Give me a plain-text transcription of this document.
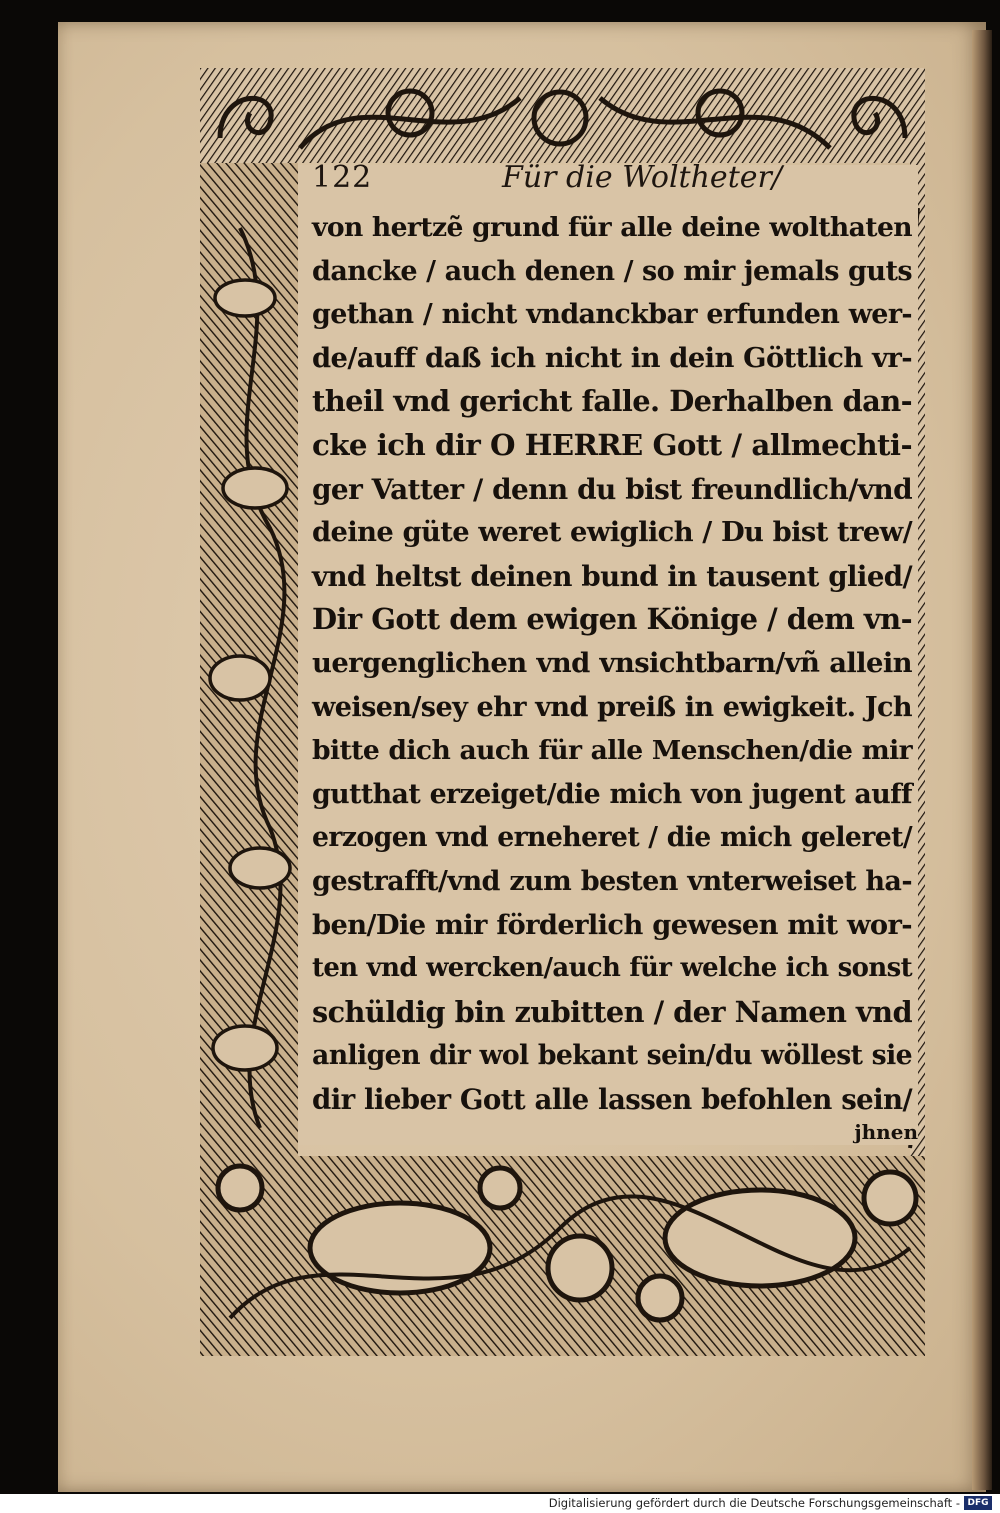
122	Für die Woltheter/
von hertzẽ grund für alle deine wolthaten
dancke / auch denen / so mir jemals guts
gethan / nicht vndanckbar erfunden wer-
de/auff daß ich nicht in dein Göttlich vr-
theil vnd gericht falle. Derhalben dan-
cke ich dir O HERRE Gott / allmechti-
ger Vatter / denn du bist freundlich/vnd
deine güte weret ewiglich / Du bist trew/
vnd heltst deinen bund in tausent glied/
Dir Gott dem ewigen Könige / dem vn-
uergenglichen vnd vnsichtbarn/vñ allein
weisen/sey ehr vnd preiß in ewigkeit. Jch
bitte dich auch für alle Menschen/die mir
gutthat erzeiget/die mich von jugent auff
erzogen vnd erneheret / die mich geleret/
gestrafft/vnd zum besten vnterweiset ha-
ben/Die mir förderlich gewesen mit wor-
ten vnd wercken/auch für welche ich sonst
schüldig bin zubitten / der Namen vnd
anligen dir wol bekant sein/du wöllest sie
dir lieber Gott alle lassen befohlen sein/
jhnen
Digitalisierung gefördert durch die Deutsche Forschungsgemeinschaft - DFG
